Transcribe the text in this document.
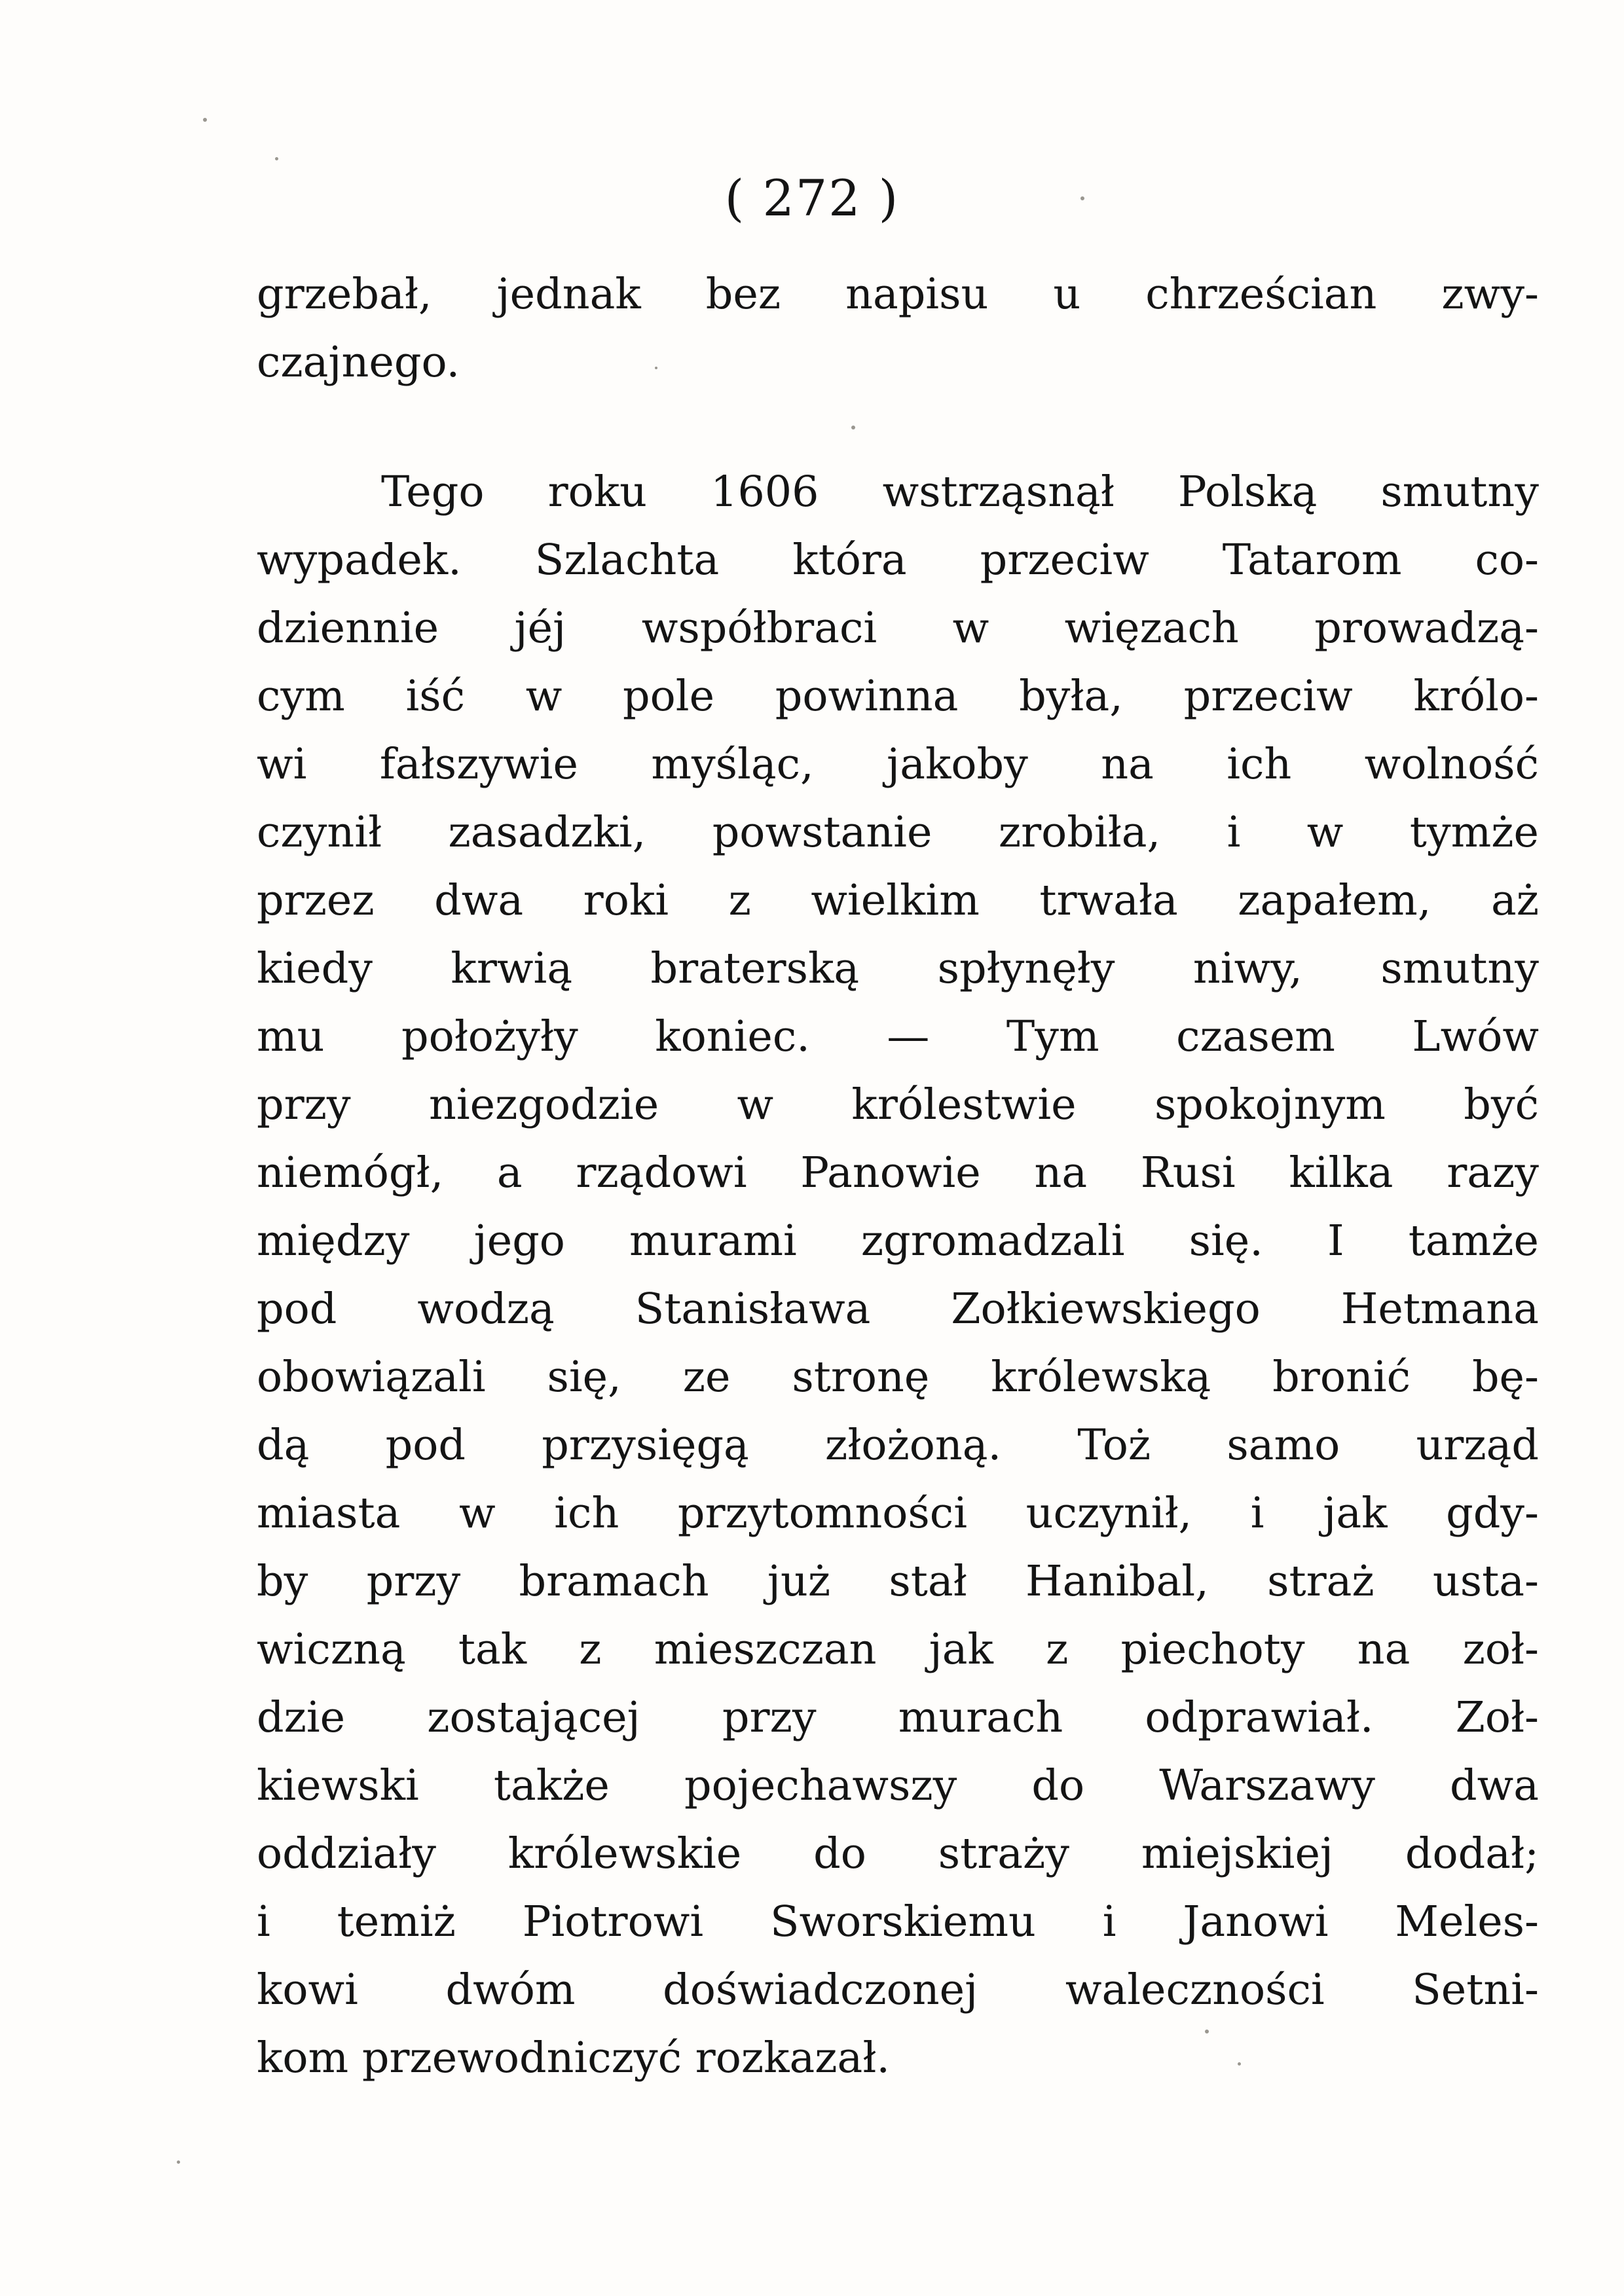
( 272 )
grzebał, jednak bez napisu u chrześcian zwy-
czajnego.
Tego roku 1606 wstrząsnął Polską smutny
wypadek. Szlachta która przeciw Tatarom co-
dziennie jéj współbraci w więzach prowadzą-
cym iść w pole powinna była, przeciw królo-
wi fałszywie myśląc, jakoby na ich wolność
czynił zasadzki, powstanie zrobiła, i w tymże
przez dwa roki z wielkim trwała zapałem, aż
kiedy krwią braterską spłynęły niwy, smutny
mu położyły koniec. — Tym czasem Lwów
przy niezgodzie w królestwie spokojnym być
niemógł, a rządowi Panowie na Rusi kilka razy
między jego murami zgromadzali się. I tamże
pod wodzą Stanisława Zołkiewskiego Hetmana
obowiązali się, ze stronę królewską bronić bę-
dą pod przysięgą złożoną. Toż samo urząd
miasta w ich przytomności uczynił, i jak gdy-
by przy bramach już stał Hanibal, straż usta-
wiczną tak z mieszczan jak z piechoty na zoł-
dzie zostającej przy murach odprawiał. Zoł-
kiewski także pojechawszy do Warszawy dwa
oddziały królewskie do straży miejskiej dodał;
i temiż Piotrowi Sworskiemu i Janowi Meles-
kowi dwóm doświadczonej waleczności Setni-
kom przewodniczyć rozkazał.
